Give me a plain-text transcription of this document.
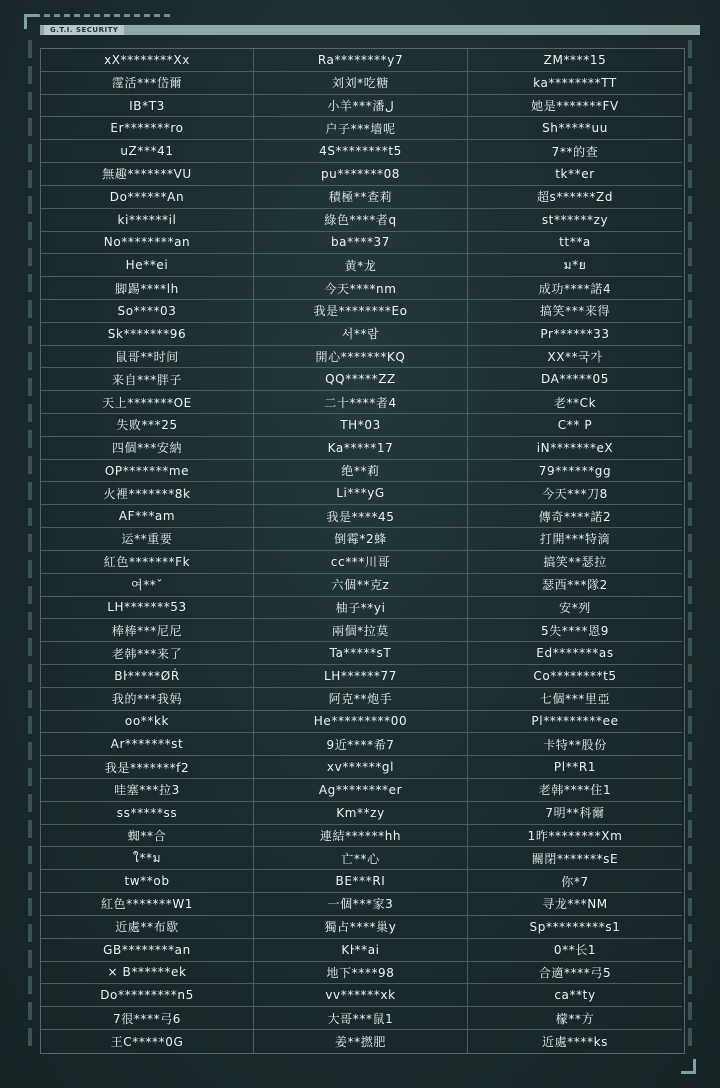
G.T.I. SECURITY
xX********Xx	Ra********y7	ZM****15
霪活***岱爾	刘刘*吃糖	ka********TT
IB*T3	小羊***潘ل	她是*******FV
Er*******ro	户子***墙呢	Sh*****uu
uZ***41	4S********t5	7**的查
無趣*******VU	pu*******08	tk**er
Do******An	積極**查莉	超s******Zd
ki******il	綠色****者q	st******zy
No********an	ba****37	tt**a
He**ei	黄*龙	ม*ย
脚踢****lh	今天****nm	成功****諾4
So****03	我是********Eo	搞笑***来得
Sk*******96	서**람	Pr******33
鼠哥**时间	開心*******KQ	XX**국가
来自***胖子	QQ*****ZZ	DA*****05
天上*******OE	二十****者4	老**Ck
失败***25	TH*03	C** P
四個***安納	Ka*****17	iN*******eX
OP*******me	绝**莉	79******gg
火裡*******8k	Li***yG	今天***刀8
AF***am	我是****45	傳奇****諾2
运**重要	倒霉*2蜂	打開***特滴
紅色*******Fk	cc***川哥	搞笑**瑟拉
여**ˇ	六個**克z	瑟西***隊2
LH*******53	柚子**yi	安*列
棒棒***尼尼	兩個*拉莫	5失****恩9
老韩***来了	Ta*****sT	Ed*******as
Bŀ*****ØŔ	LH******77	Co********t5
我的***我妈	阿克**炮手	七個***里亞
oo**kk	He*********00	Pl*********ee
Ar*******st	9近****希7	卡特**股份
我是*******f2	xv******gl	Pl**R1
哇塞***拉3	Ag********er	老韩****住1
ss*****ss	Km**zy	7明**科爾
蜘**合	連結******hh	1昨********Xm
ใ**ม	亡**心	關閉*******sE
tw**ob	BE***RI	你*7
紅色*******W1	一個***家3	寻龙***NM
近處**布歇	獨占****巢y	Sp*********s1
GB********an	Kŀ**ai	0**长1
× B******ek	地下****98	合適****弓5
Do*********n5	vv******xk	ca**ty
7很****弓6	大哥***鼠1	檬**方
王C*****0G	姜**撚肥	近處****ks
